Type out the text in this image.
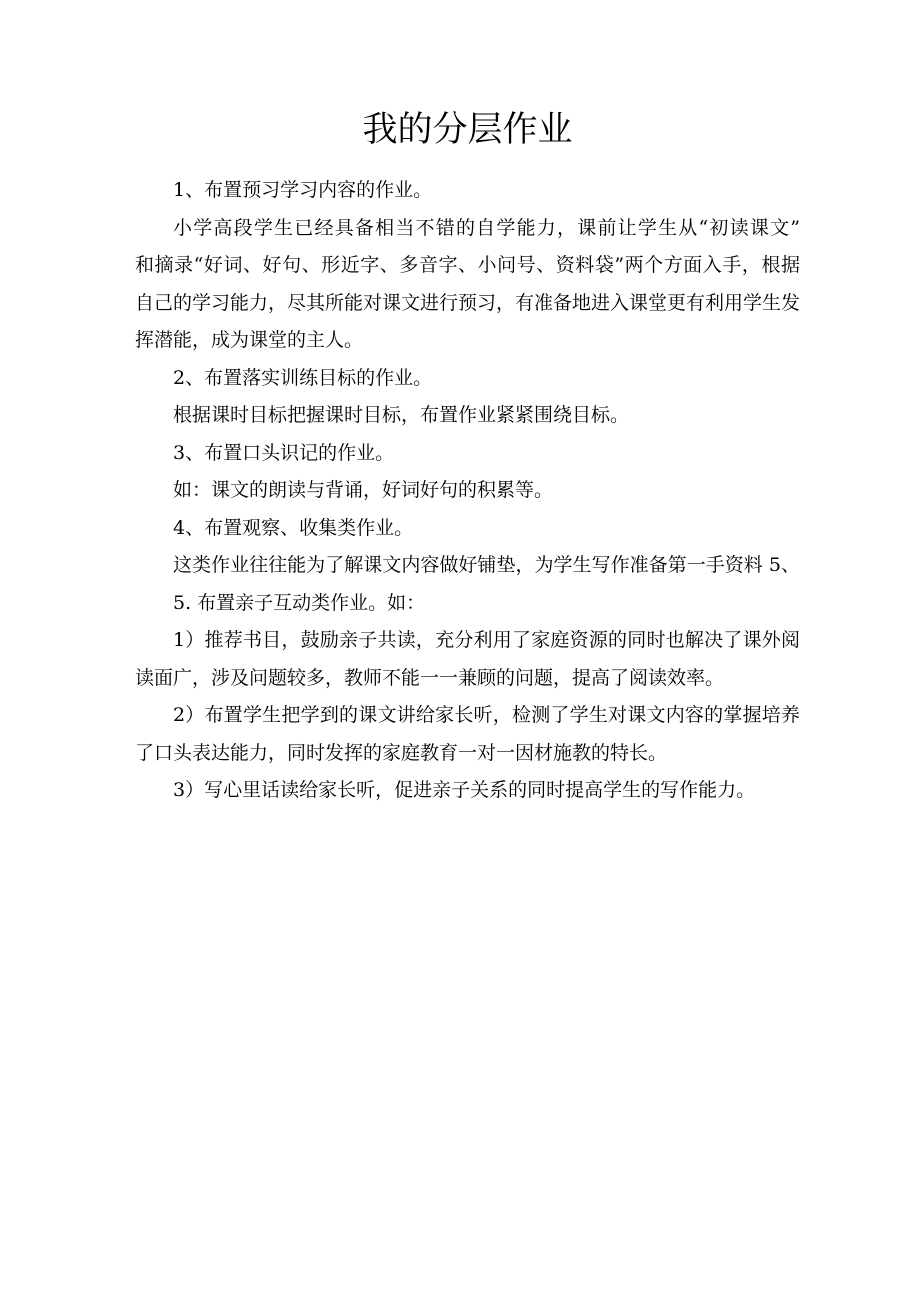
我的分层作业
1、布置预习学习内容的作业。
小学高段学生已经具备相当不错的自学能力，课前让学生从“初读课文”
和摘录“好词、好句、形近字、多音字、小问号、资料袋”两个方面入手，根据
自己的学习能力，尽其所能对课文进行预习，有准备地进入课堂更有利用学生发
挥潜能，成为课堂的主人。
2、布置落实训练目标的作业。
根据课时目标把握课时目标，布置作业紧紧围绕目标。
3、布置口头识记的作业。
如：课文的朗读与背诵，好词好句的积累等。
4、布置观察、收集类作业。
这类作业往往能为了解课文内容做好铺垫，为学生写作准备第一手资料 5、
5. 布置亲子互动类作业。如：
1）推荐书目，鼓励亲子共读，充分利用了家庭资源的同时也解决了课外阅
读面广，涉及问题较多，教师不能一一兼顾的问题，提高了阅读效率。
2）布置学生把学到的课文讲给家长听，检测了学生对课文内容的掌握培养
了口头表达能力，同时发挥的家庭教育一对一因材施教的特长。
3）写心里话读给家长听，促进亲子关系的同时提高学生的写作能力。
